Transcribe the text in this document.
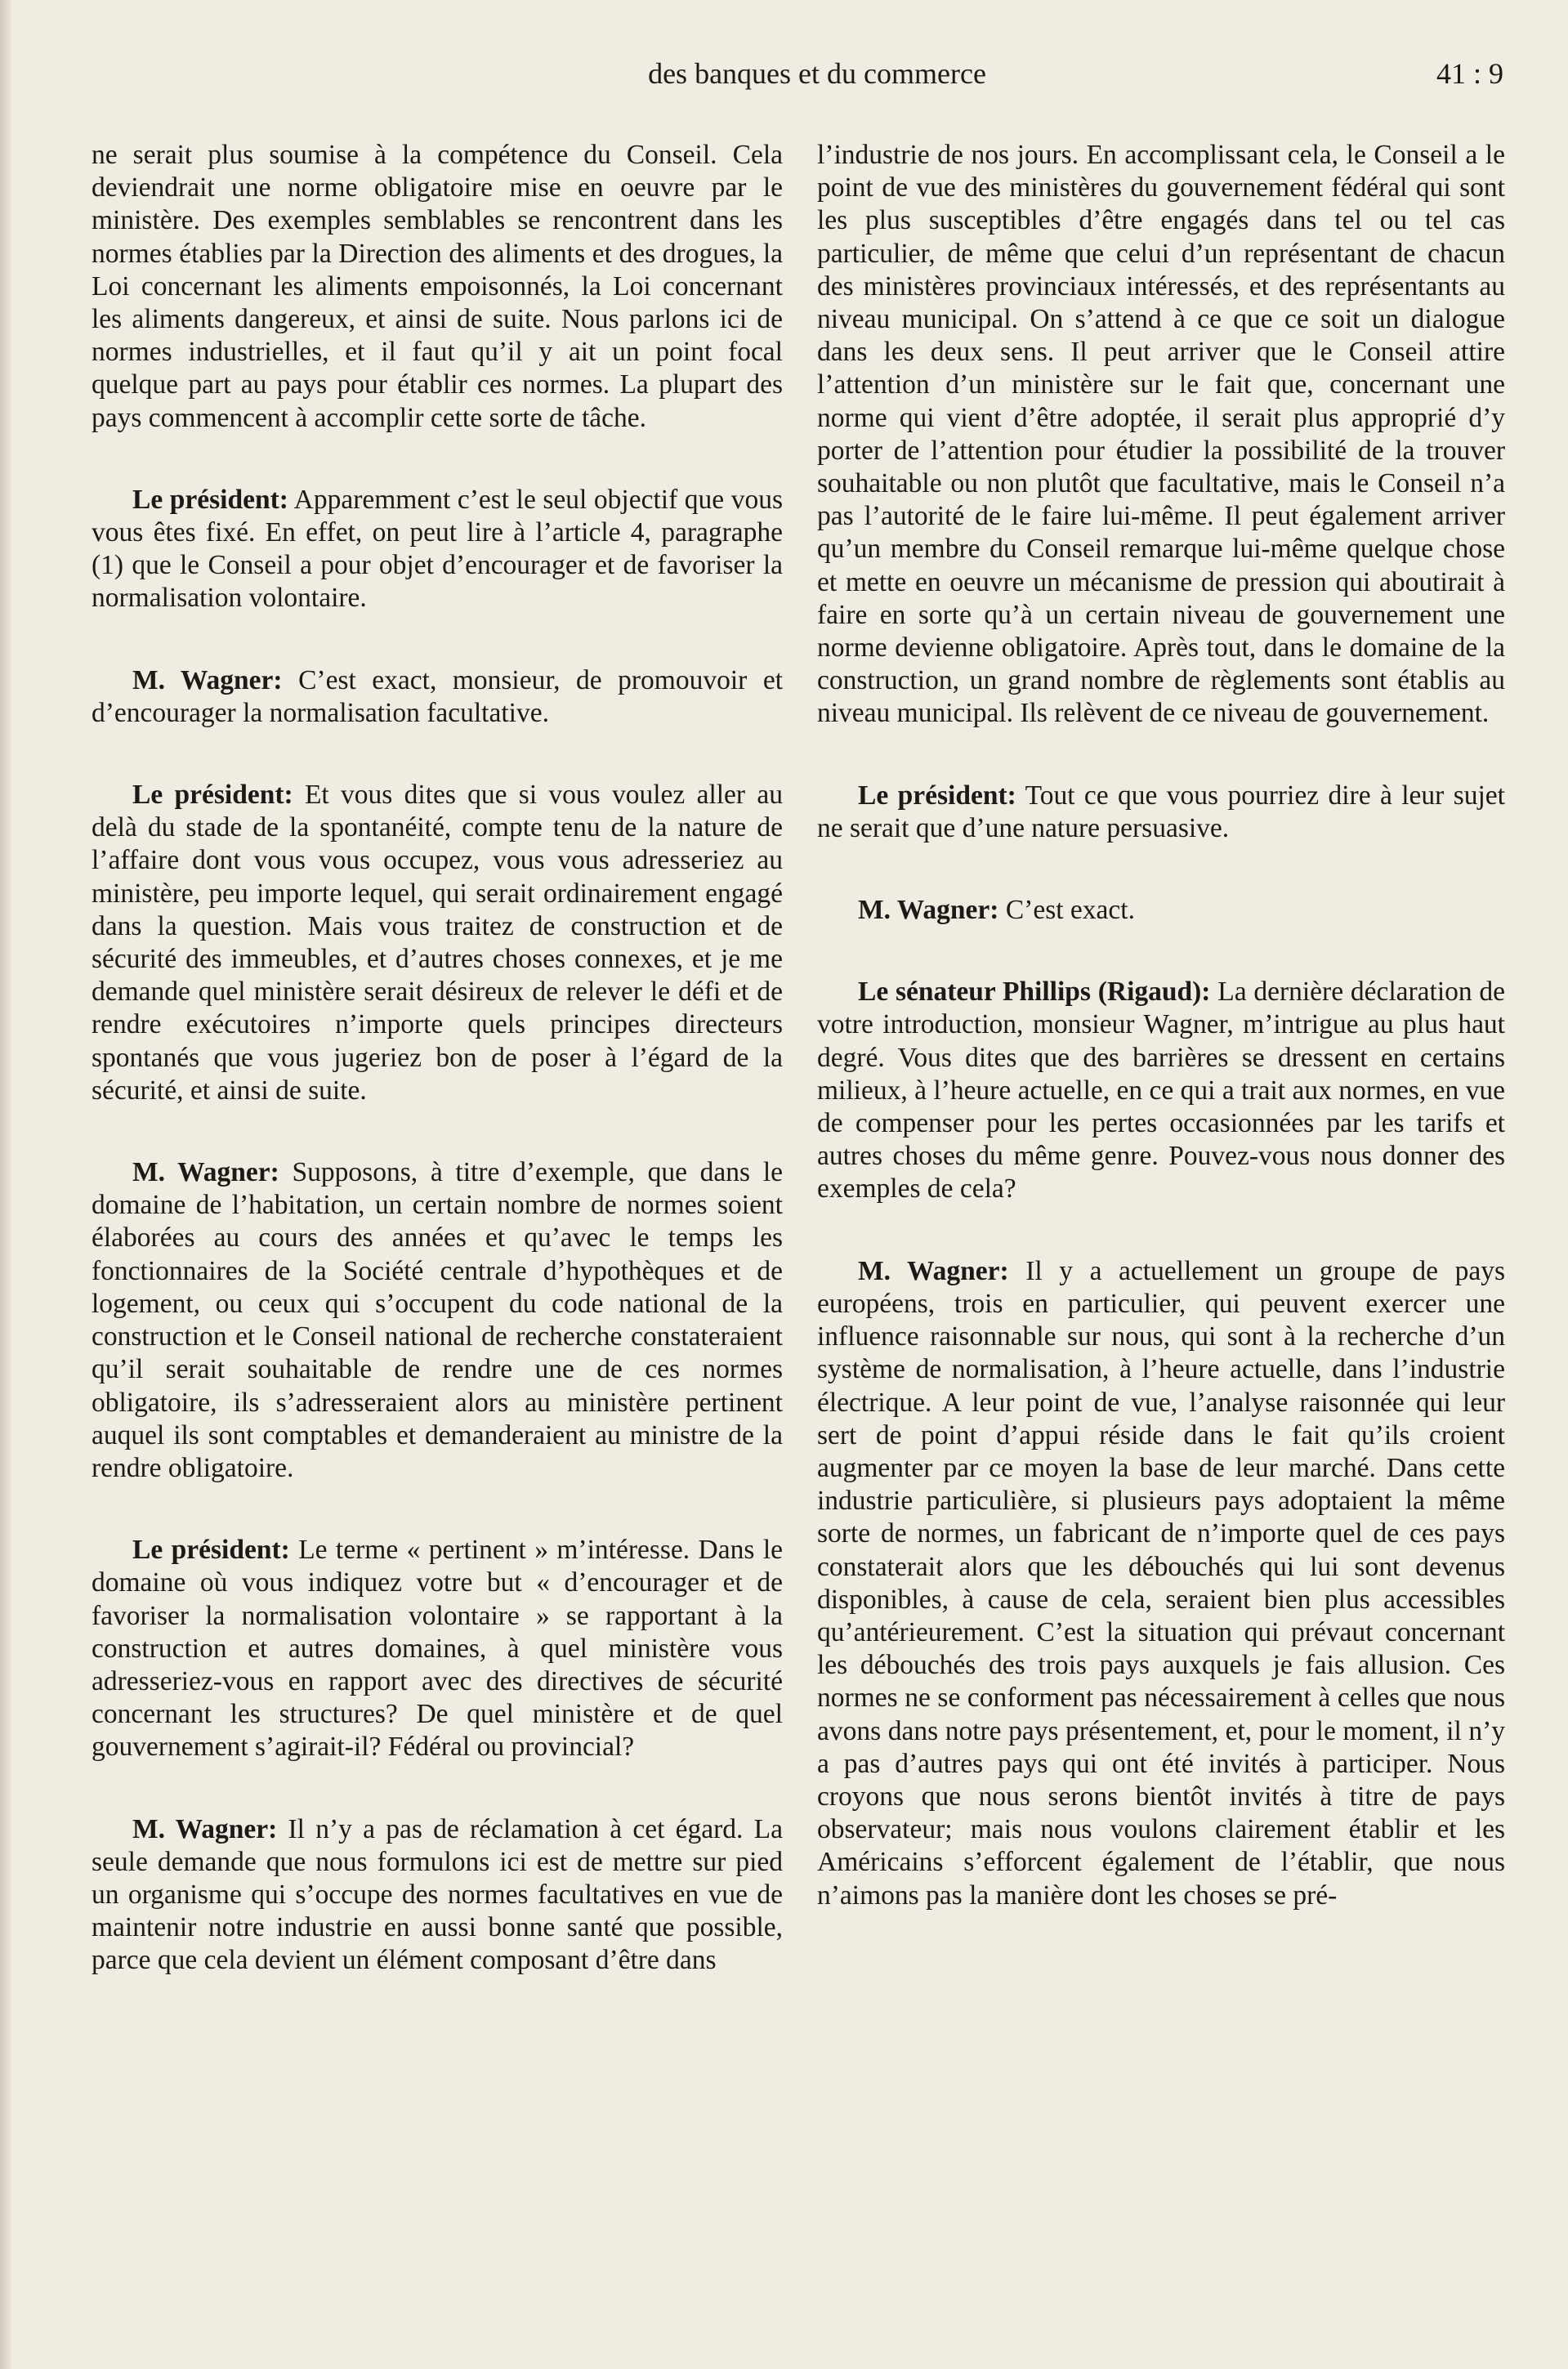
des banques et du commerce	41 : 9

ne serait plus soumise à la compétence du Conseil. Cela deviendrait une norme obligatoire mise en oeuvre par le ministère. Des exemples semblables se rencontrent dans les normes établies par la Direction des aliments et des drogues, la Loi concernant les aliments empoisonnés, la Loi concernant les aliments dangereux, et ainsi de suite. Nous parlons ici de normes industrielles, et il faut qu’il y ait un point focal quelque part au pays pour établir ces normes. La plupart des pays commencent à accomplir cette sorte de tâche.

Le président: Apparemment c’est le seul objectif que vous vous êtes fixé. En effet, on peut lire à l’article 4, paragraphe (1) que le Conseil a pour objet d’encourager et de favoriser la normalisation volontaire.

M. Wagner: C’est exact, monsieur, de promouvoir et d’encourager la normalisation facultative.

Le président: Et vous dites que si vous voulez aller au delà du stade de la spontanéité, compte tenu de la nature de l’affaire dont vous vous occupez, vous vous adresseriez au ministère, peu importe lequel, qui serait ordinairement engagé dans la question. Mais vous traitez de construction et de sécurité des immeubles, et d’autres choses connexes, et je me demande quel ministère serait désireux de relever le défi et de rendre exécutoires n’importe quels principes directeurs spontanés que vous jugeriez bon de poser à l’égard de la sécurité, et ainsi de suite.

M. Wagner: Supposons, à titre d’exemple, que dans le domaine de l’habitation, un certain nombre de normes soient élaborées au cours des années et qu’avec le temps les fonctionnaires de la Société centrale d’hypothèques et de logement, ou ceux qui s’occupent du code national de la construction et le Conseil national de recherche constateraient qu’il serait souhaitable de rendre une de ces normes obligatoire, ils s’adresseraient alors au ministère pertinent auquel ils sont comptables et demanderaient au ministre de la rendre obligatoire.

Le président: Le terme « pertinent » m’intéresse. Dans le domaine où vous indiquez votre but « d’encourager et de favoriser la normalisation volontaire » se rapportant à la construction et autres domaines, à quel ministère vous adresseriez-vous en rapport avec des directives de sécurité concernant les structures? De quel ministère et de quel gouvernement s’agirait-il? Fédéral ou provincial?

M. Wagner: Il n’y a pas de réclamation à cet égard. La seule demande que nous formulons ici est de mettre sur pied un organisme qui s’occupe des normes facultatives en vue de maintenir notre industrie en aussi bonne santé que possible, parce que cela devient un élément composant d’être dans

l’industrie de nos jours. En accomplissant cela, le Conseil a le point de vue des ministères du gouvernement fédéral qui sont les plus susceptibles d’être engagés dans tel ou tel cas particulier, de même que celui d’un représentant de chacun des ministères provinciaux intéressés, et des représentants au niveau municipal. On s’attend à ce que ce soit un dialogue dans les deux sens. Il peut arriver que le Conseil attire l’attention d’un ministère sur le fait que, concernant une norme qui vient d’être adoptée, il serait plus approprié d’y porter de l’attention pour étudier la possibilité de la trouver souhaitable ou non plutôt que facultative, mais le Conseil n’a pas l’autorité de le faire lui-même. Il peut également arriver qu’un membre du Conseil remarque lui-même quelque chose et mette en oeuvre un mécanisme de pression qui aboutirait à faire en sorte qu’à un certain niveau de gouvernement une norme devienne obligatoire. Après tout, dans le domaine de la construction, un grand nombre de règlements sont établis au niveau municipal. Ils relèvent de ce niveau de gouvernement.

Le président: Tout ce que vous pourriez dire à leur sujet ne serait que d’une nature persuasive.

M. Wagner: C’est exact.

Le sénateur Phillips (Rigaud): La dernière déclaration de votre introduction, monsieur Wagner, m’intrigue au plus haut degré. Vous dites que des barrières se dressent en certains milieux, à l’heure actuelle, en ce qui a trait aux normes, en vue de compenser pour les pertes occasionnées par les tarifs et autres choses du même genre. Pouvez-vous nous donner des exemples de cela?

M. Wagner: Il y a actuellement un groupe de pays européens, trois en particulier, qui peuvent exercer une influence raisonnable sur nous, qui sont à la recherche d’un système de normalisation, à l’heure actuelle, dans l’industrie électrique. A leur point de vue, l’analyse raisonnée qui leur sert de point d’appui réside dans le fait qu’ils croient augmenter par ce moyen la base de leur marché. Dans cette industrie particulière, si plusieurs pays adoptaient la même sorte de normes, un fabricant de n’importe quel de ces pays constaterait alors que les débouchés qui lui sont devenus disponibles, à cause de cela, seraient bien plus accessibles qu’antérieurement. C’est la situation qui prévaut concernant les débouchés des trois pays auxquels je fais allusion. Ces normes ne se conforment pas nécessairement à celles que nous avons dans notre pays présentement, et, pour le moment, il n’y a pas d’autres pays qui ont été invités à participer. Nous croyons que nous serons bientôt invités à titre de pays observateur; mais nous voulons clairement établir et les Américains s’efforcent également de l’établir, que nous n’aimons pas la manière dont les choses se pré-
